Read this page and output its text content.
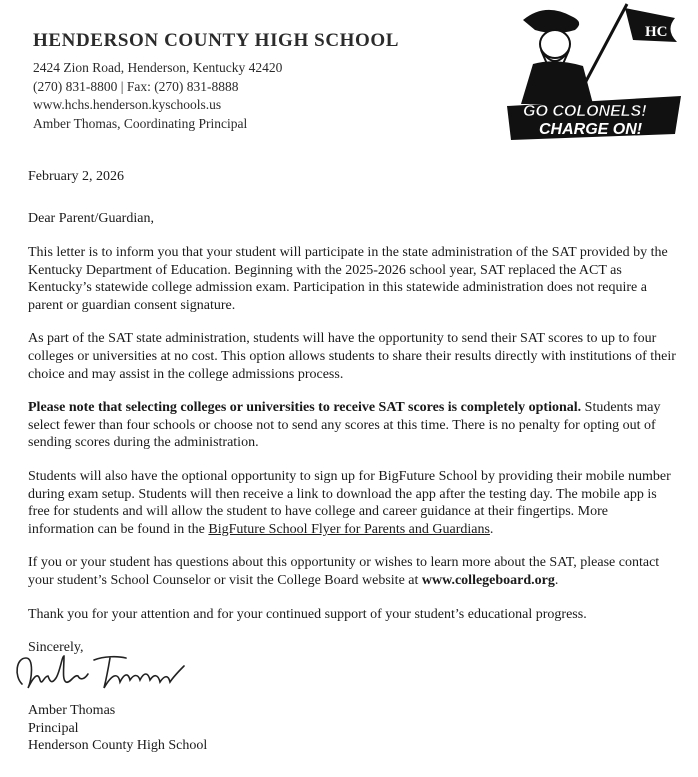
HENDERSON COUNTY HIGH SCHOOL
2424 Zion Road, Henderson, Kentucky 42420
(270) 831-8800 | Fax: (270) 831-8888
www.hchs.henderson.kyschools.us
Amber Thomas, Coordinating Principal
HC
GO COLONELS!
CHARGE ON!

February 2, 2026

Dear Parent/Guardian,

This letter is to inform you that your student will participate in the state administration of the SAT provided by the Kentucky Department of Education. Beginning with the 2025-2026 school year, SAT replaced the ACT as Kentucky’s statewide college admission exam. Participation in this statewide administration does not require a parent or guardian consent signature.

As part of the SAT state administration, students will have the opportunity to send their SAT scores to up to four colleges or universities at no cost. This option allows students to share their results directly with institutions of their choice and may assist in the college admissions process.

Please note that selecting colleges or universities to receive SAT scores is completely optional. Students may select fewer than four schools or choose not to send any scores at this time. There is no penalty for opting out of sending scores during the administration.

Students will also have the optional opportunity to sign up for BigFuture School by providing their mobile number during exam setup. Students will then receive a link to download the app after the testing day. The mobile app is free for students and will allow the student to have college and career guidance at their fingertips. More information can be found in the BigFuture School Flyer for Parents and Guardians.

If you or your student has questions about this opportunity or wishes to learn more about the SAT, please contact your student’s School Counselor or visit the College Board website at www.collegeboard.org.

Thank you for your attention and for your continued support of your student’s educational progress.

Sincerely,

Amber Thomas
Principal
Henderson County High School
